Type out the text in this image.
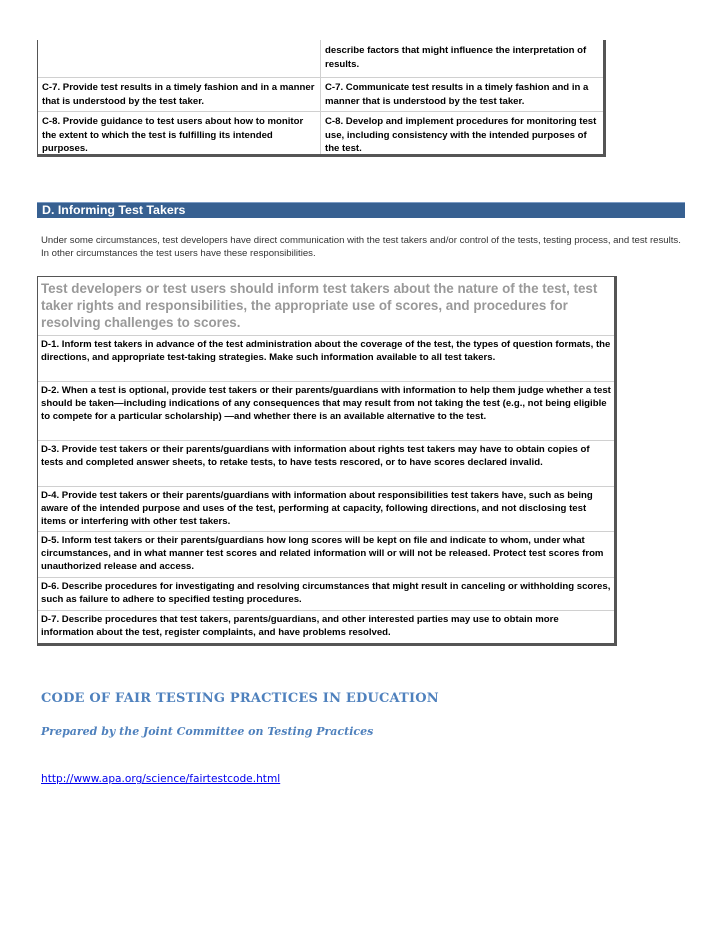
describe factors that might influence the interpretation of results.
C-7. Provide test results in a timely fashion and in a manner that is understood by the test taker.
C-7. Communicate test results in a timely fashion and in a manner that is understood by the test taker.
C-8. Provide guidance to test users about how to monitor the extent to which the test is fulfilling its intended purposes.
C-8. Develop and implement procedures for monitoring test use, including consistency with the intended purposes of the test.
D. Informing Test Takers
Under some circumstances, test developers have direct communication with the test takers and/or control of the tests, testing process, and test results. In other circumstances the test users have these responsibilities.
Test developers or test users should inform test takers about the nature of the test, test taker rights and responsibilities, the appropriate use of scores, and procedures for resolving challenges to scores.
D-1. Inform test takers in advance of the test administration about the coverage of the test, the types of question formats, the directions, and appropriate test-taking strategies. Make such information available to all test takers.
D-2. When a test is optional, provide test takers or their parents/guardians with information to help them judge whether a test should be taken—including indications of any consequences that may result from not taking the test (e.g., not being eligible to compete for a particular scholarship) —and whether there is an available alternative to the test.
D-3. Provide test takers or their parents/guardians with information about rights test takers may have to obtain copies of tests and completed answer sheets, to retake tests, to have tests rescored, or to have scores declared invalid.
D-4. Provide test takers or their parents/guardians with information about responsibilities test takers have, such as being aware of the intended purpose and uses of the test, performing at capacity, following directions, and not disclosing test items or interfering with other test takers.
D-5. Inform test takers or their parents/guardians how long scores will be kept on file and indicate to whom, under what circumstances, and in what manner test scores and related information will or will not be released. Protect test scores from unauthorized release and access.
D-6. Describe procedures for investigating and resolving circumstances that might result in canceling or withholding scores, such as failure to adhere to specified testing procedures.
D-7. Describe procedures that test takers, parents/guardians, and other interested parties may use to obtain more information about the test, register complaints, and have problems resolved.
CODE OF FAIR TESTING PRACTICES IN EDUCATION
Prepared by the Joint Committee on Testing Practices
http://www.apa.org/science/fairtestcode.html
